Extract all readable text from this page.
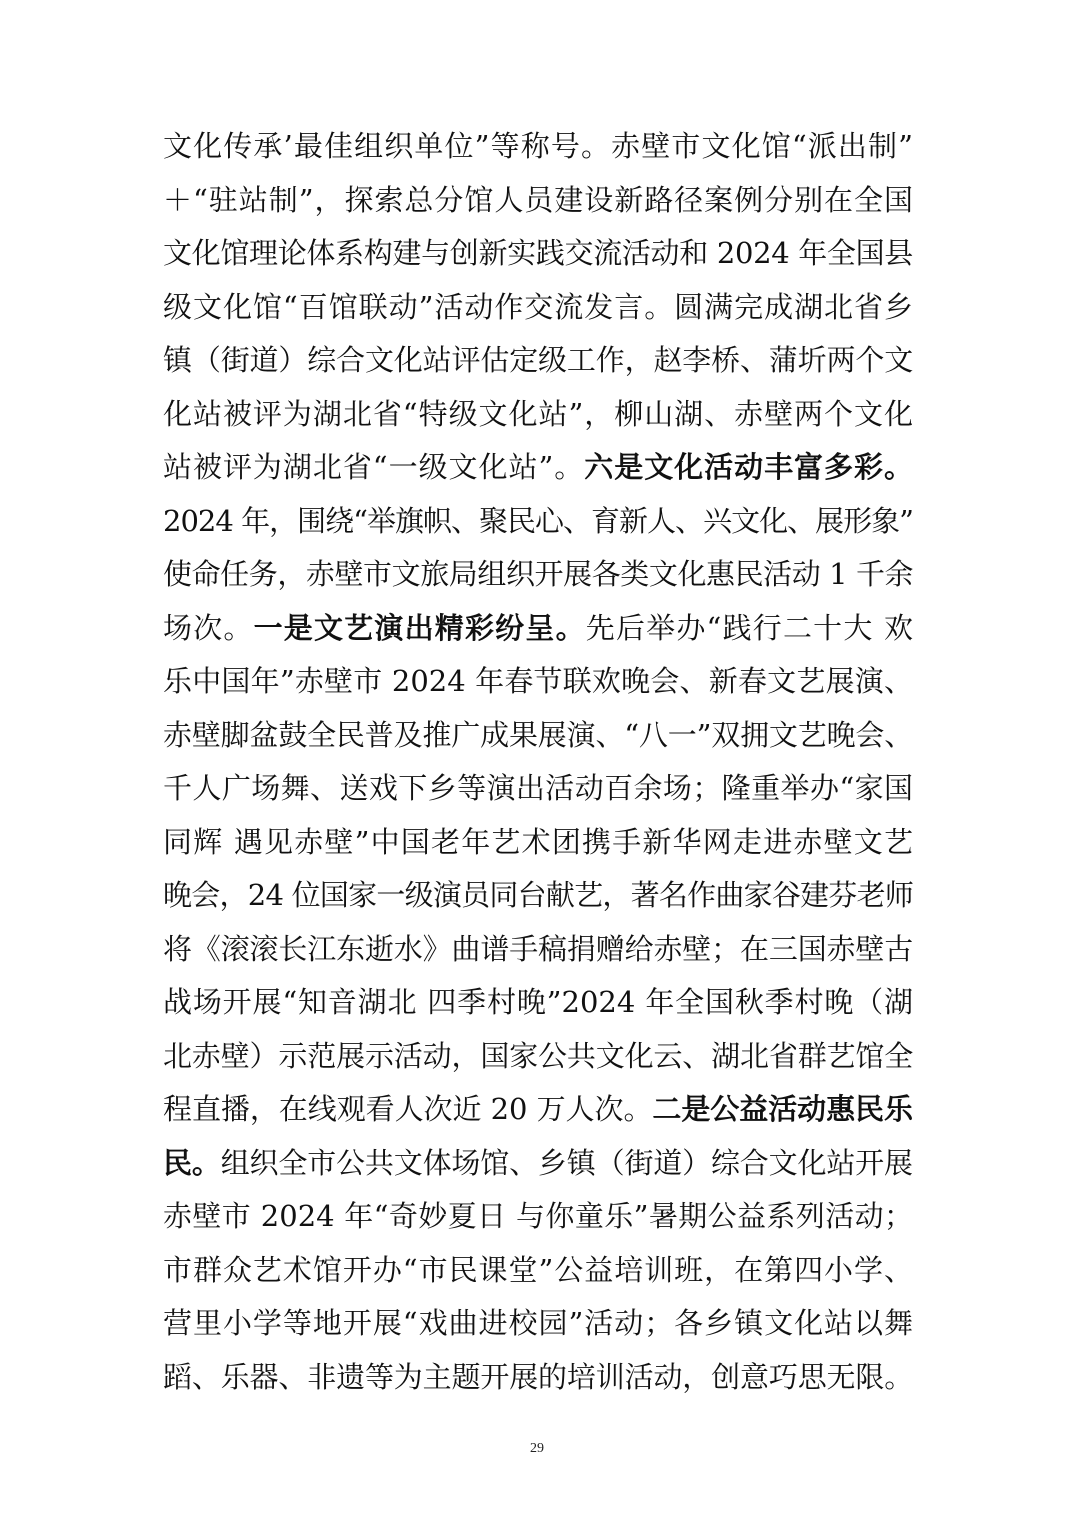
文化传承’最佳组织单位”等称号。赤壁市文化馆“派出制”
＋“驻站制”，探索总分馆人员建设新路径案例分别在全国
文化馆理论体系构建与创新实践交流活动和 2024 年全国县
级文化馆“百馆联动”活动作交流发言。圆满完成湖北省乡
镇（街道）综合文化站评估定级工作，赵李桥、蒲圻两个文
化站被评为湖北省“特级文化站”，柳山湖、赤壁两个文化
站被评为湖北省“一级文化站”。六是文化活动丰富多彩。
2024 年，围绕“举旗帜、聚民心、育新人、兴文化、展形象”
使命任务，赤壁市文旅局组织开展各类文化惠民活动 1 千余
场次。一是文艺演出精彩纷呈。先后举办“践行二十大 欢
乐中国年”赤壁市 2024 年春节联欢晚会、新春文艺展演、
赤壁脚盆鼓全民普及推广成果展演、“八一”双拥文艺晚会、
千人广场舞、送戏下乡等演出活动百余场；隆重举办“家国
同辉 遇见赤壁”中国老年艺术团携手新华网走进赤壁文艺
晚会，24 位国家一级演员同台献艺，著名作曲家谷建芬老师
将《滚滚长江东逝水》曲谱手稿捐赠给赤壁；在三国赤壁古
战场开展“知音湖北 四季村晚”2024 年全国秋季村晚（湖
北赤壁）示范展示活动，国家公共文化云、湖北省群艺馆全
程直播，在线观看人次近 20 万人次。二是公益活动惠民乐
民。组织全市公共文体场馆、乡镇（街道）综合文化站开展
赤壁市 2024 年“奇妙夏日 与你童乐”暑期公益系列活动；
市群众艺术馆开办“市民课堂”公益培训班，在第四小学、
营里小学等地开展“戏曲进校园”活动；各乡镇文化站以舞
蹈、乐器、非遗等为主题开展的培训活动，创意巧思无限。
29
